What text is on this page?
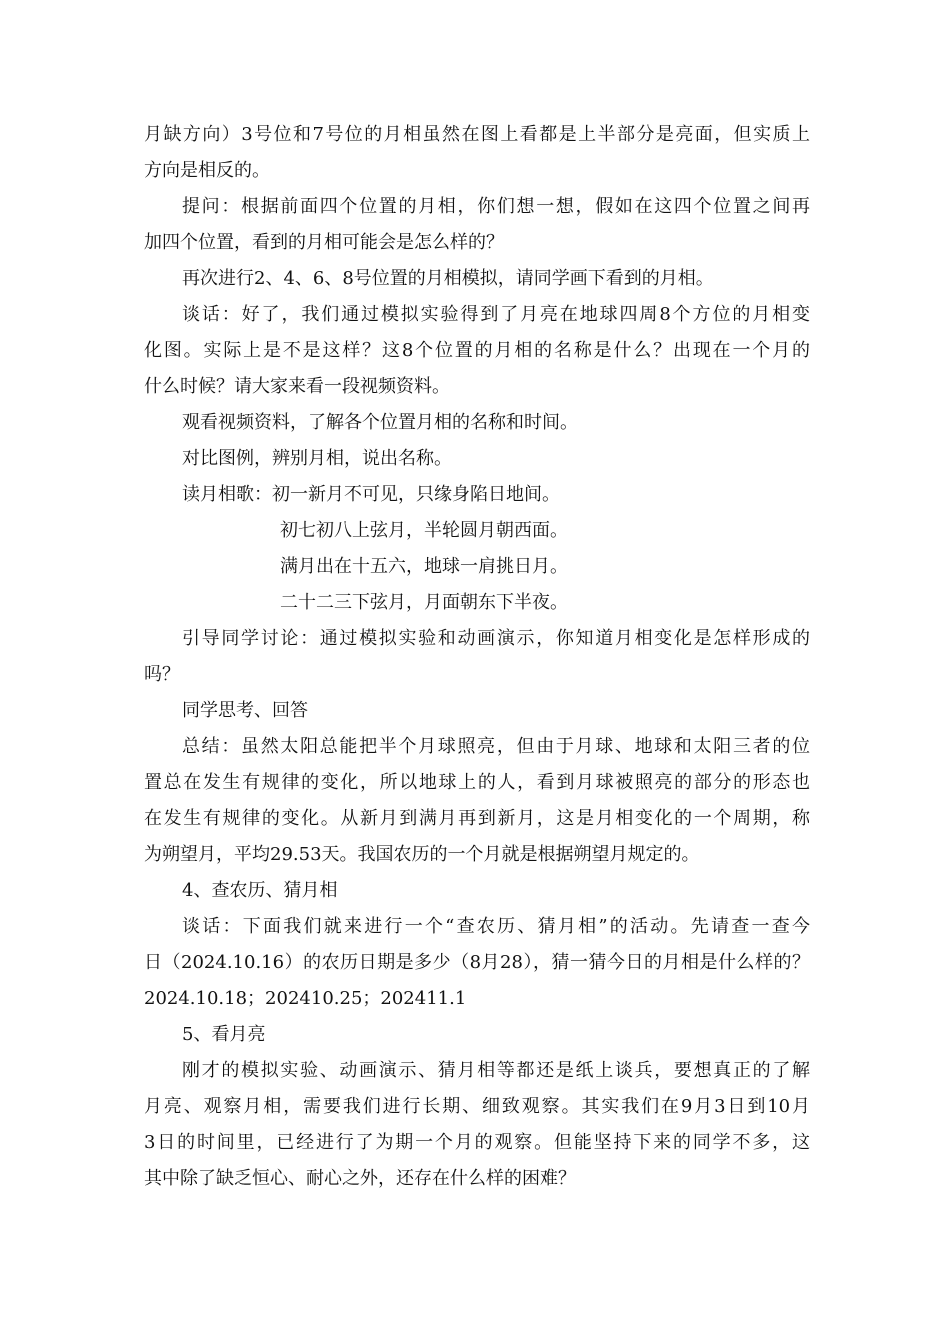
月缺方向）3号位和7号位的月相虽然在图上看都是上半部分是亮面，但实质上
方向是相反的。
提问：根据前面四个位置的月相，你们想一想，假如在这四个位置之间再
加四个位置，看到的月相可能会是怎么样的？
再次进行2、4、6、8号位置的月相模拟，请同学画下看到的月相。
谈话：好了，我们通过模拟实验得到了月亮在地球四周8个方位的月相变
化图。实际上是不是这样？这8个位置的月相的名称是什么？出现在一个月的
什么时候？请大家来看一段视频资料。
观看视频资料，了解各个位置月相的名称和时间。
对比图例，辨别月相，说出名称。
读月相歌：初一新月不可见，只缘身陷日地间。
初七初八上弦月，半轮圆月朝西面。
满月出在十五六，地球一肩挑日月。
二十二三下弦月，月面朝东下半夜。
引导同学讨论：通过模拟实验和动画演示，你知道月相变化是怎样形成的
吗？
同学思考、回答
总结：虽然太阳总能把半个月球照亮，但由于月球、地球和太阳三者的位
置总在发生有规律的变化，所以地球上的人，看到月球被照亮的部分的形态也
在发生有规律的变化。从新月到满月再到新月，这是月相变化的一个周期，称
为朔望月，平均29.53天。我国农历的一个月就是根据朔望月规定的。
4、查农历、猜月相
谈话：下面我们就来进行一个“查农历、猜月相”的活动。先请查一查今
日（2024.10.16）的农历日期是多少（8月28），猜一猜今日的月相是什么样的？
2024.10.18；202410.25；202411.1
5、看月亮
刚才的模拟实验、动画演示、猜月相等都还是纸上谈兵，要想真正的了解
月亮、观察月相，需要我们进行长期、细致观察。其实我们在9月3日到10月
3日的时间里，已经进行了为期一个月的观察。但能坚持下来的同学不多，这
其中除了缺乏恒心、耐心之外，还存在什么样的困难？
